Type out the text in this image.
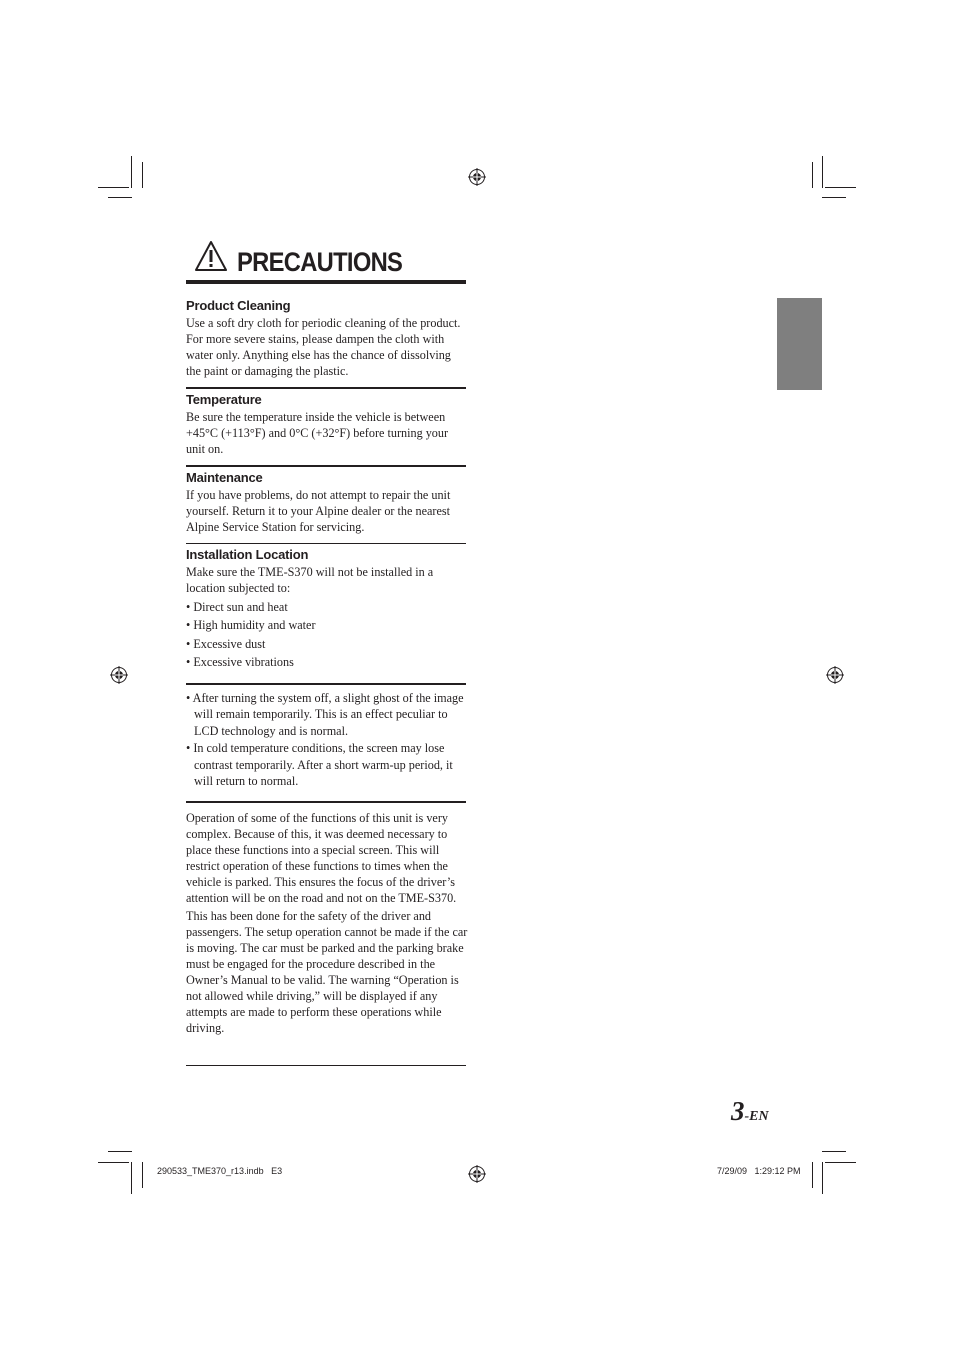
PRECAUTIONS

Product Cleaning

Use a soft dry cloth for periodic cleaning of the product. For more severe stains, please dampen the cloth with water only. Anything else has the chance of dissolving the paint or damaging the plastic.

Temperature

Be sure the temperature inside the vehicle is between +45°C (+113°F) and 0°C (+32°F) before turning your unit on.

Maintenance

If you have problems, do not attempt to repair the unit yourself. Return it to your Alpine dealer or the nearest Alpine Service Station for servicing.

Installation Location

Make sure the TME-S370 will not be installed in a location subjected to:

• Direct sun and heat

• High humidity and water

• Excessive dust

• Excessive vibrations

• After turning the system off, a slight ghost of the image will remain temporarily. This is an effect peculiar to LCD technology and is normal.

• In cold temperature conditions, the screen may lose contrast temporarily. After a short warm-up period, it will return to normal.

Operation of some of the functions of this unit is very complex. Because of this, it was deemed necessary to place these functions into a special screen. This will restrict operation of these functions to times when the vehicle is parked. This ensures the focus of the driver’s attention will be on the road and not on the TME-S370.

This has been done for the safety of the driver and passengers. The setup operation cannot be made if the car is moving. The car must be parked and the parking brake must be engaged for the procedure described in the Owner’s Manual to be valid. The warning “Operation is not allowed while driving,” will be displayed if any attempts are made to perform these operations while driving.

3-EN
290533_TME370_r13.indb   E3	7/29/09   1:29:12 PM
